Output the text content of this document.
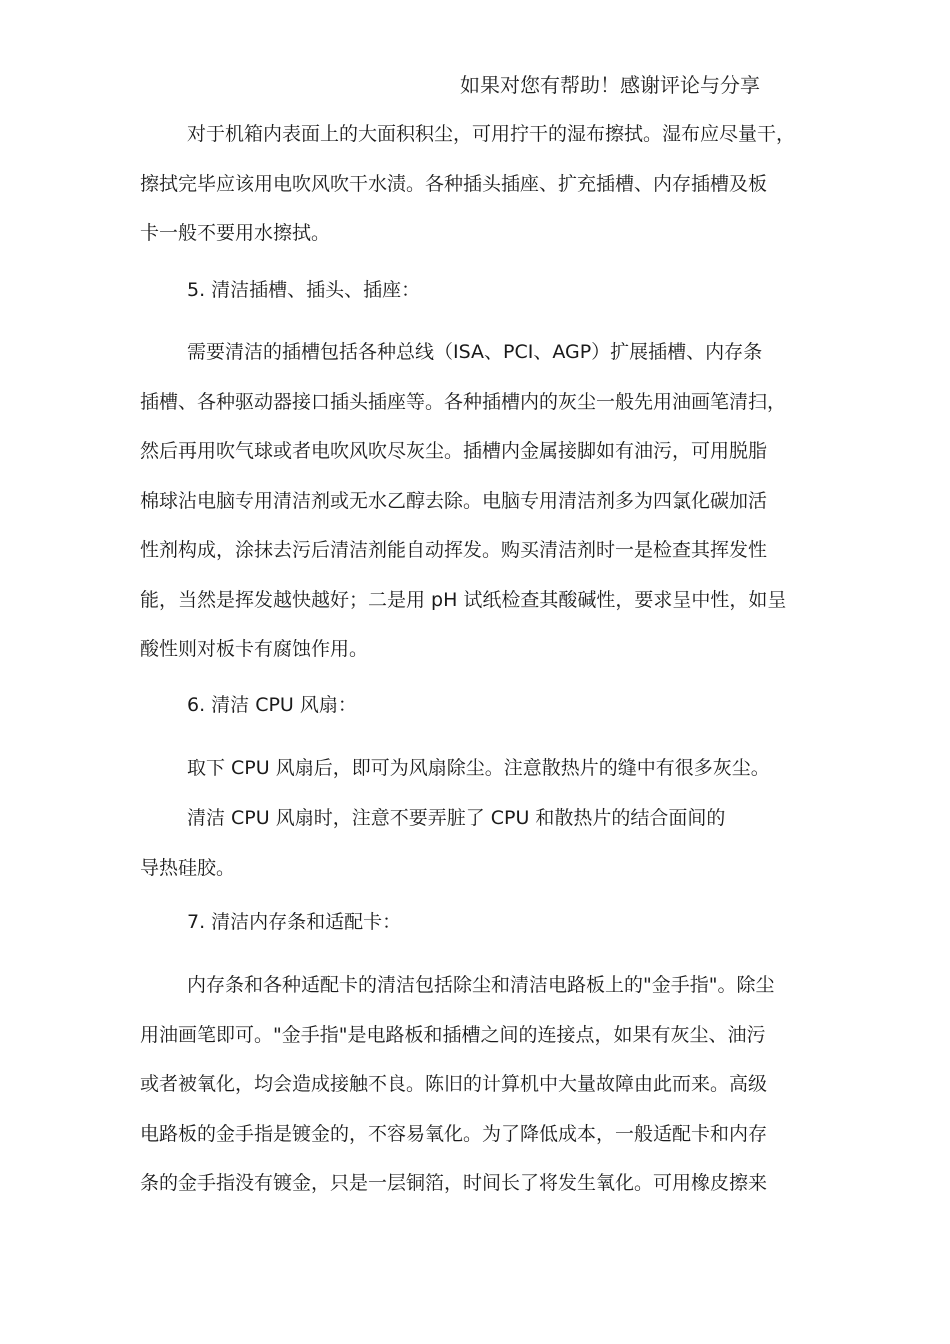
如果对您有帮助！感谢评论与分享
对于机箱内表面上的大面积积尘，可用拧干的湿布擦拭。湿布应尽量干，
擦拭完毕应该用电吹风吹干水渍。各种插头插座、扩充插槽、内存插槽及板
卡一般不要用水擦拭。
5. 清洁插槽、插头、插座：
需要清洁的插槽包括各种总线（ISA、PCI、AGP）扩展插槽、内存条
插槽、各种驱动器接口插头插座等。各种插槽内的灰尘一般先用油画笔清扫，
然后再用吹气球或者电吹风吹尽灰尘。插槽内金属接脚如有油污，可用脱脂
棉球沾电脑专用清洁剂或无水乙醇去除。电脑专用清洁剂多为四氯化碳加活
性剂构成，涂抹去污后清洁剂能自动挥发。购买清洁剂时一是检查其挥发性
能，当然是挥发越快越好；二是用 pH 试纸检查其酸碱性，要求呈中性，如呈
酸性则对板卡有腐蚀作用。
6. 清洁 CPU 风扇：
取下 CPU 风扇后，即可为风扇除尘。注意散热片的缝中有很多灰尘。
清洁 CPU 风扇时，注意不要弄脏了 CPU 和散热片的结合面间的
导热硅胶。
7. 清洁内存条和适配卡：
内存条和各种适配卡的清洁包括除尘和清洁电路板上的"金手指"。除尘
用油画笔即可。"金手指"是电路板和插槽之间的连接点，如果有灰尘、油污
或者被氧化，均会造成接触不良。陈旧的计算机中大量故障由此而来。高级
电路板的金手指是镀金的，不容易氧化。为了降低成本，一般适配卡和内存
条的金手指没有镀金，只是一层铜箔，时间长了将发生氧化。可用橡皮擦来
